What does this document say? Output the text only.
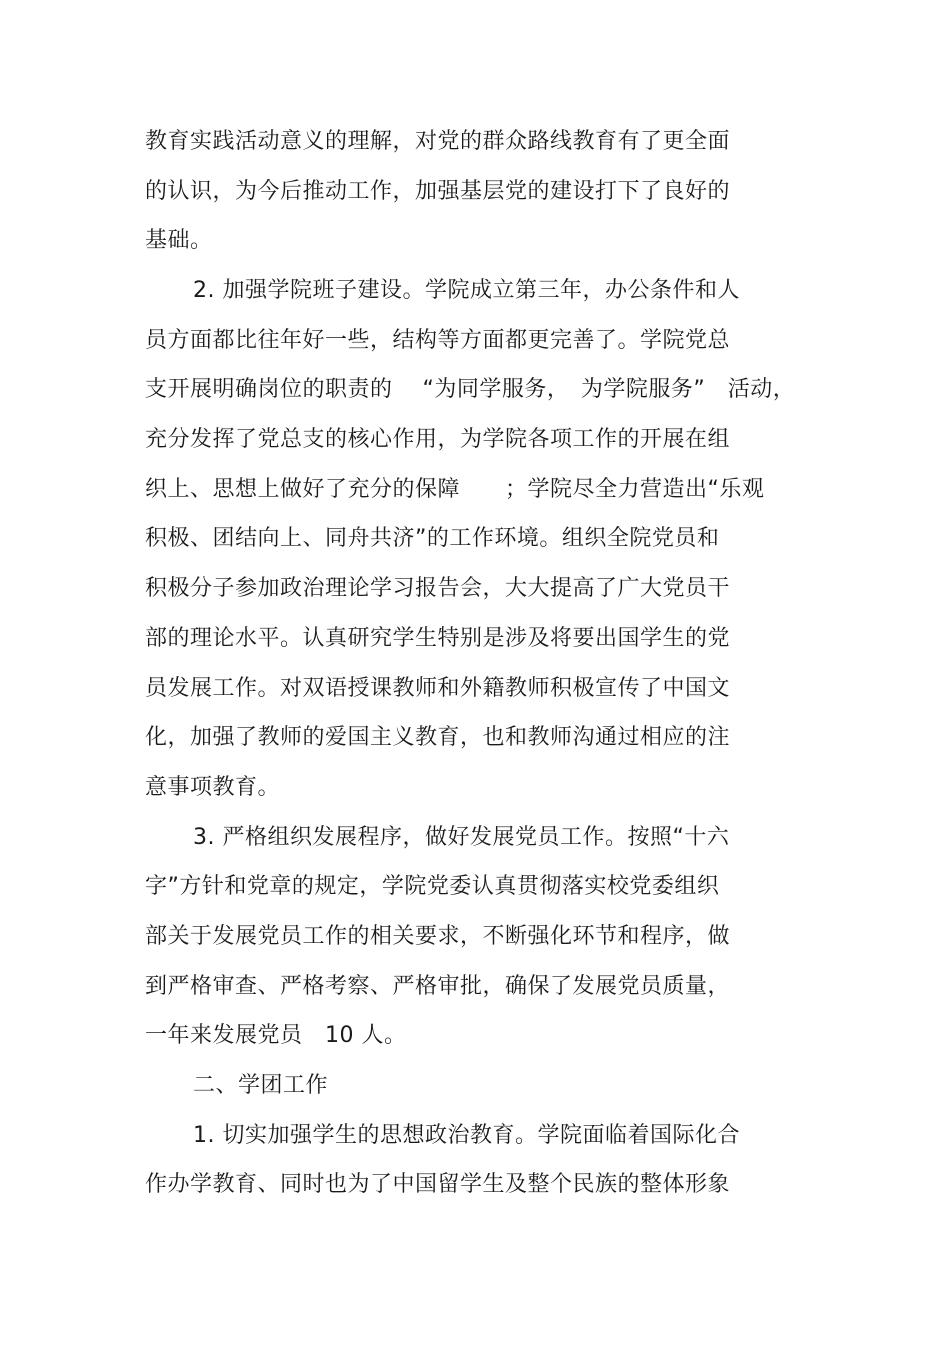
教育实践活动意义的理解，对党的群众路线教育有了更全面
的认识，为今后推动工作，加强基层党的建设打下了良好的
基础。
2. 加强学院班子建设。学院成立第三年，办公条件和人
员方面都比往年好一些，结构等方面都更完善了。学院党总
支开展明确岗位的职责的　 “为同学服务，　为学院服务”　活动，
充分发挥了党总支的核心作用，为学院各项工作的开展在组
织上、思想上做好了充分的保障　　；学院尽全力营造出“乐观
积极、团结向上、同舟共济”的工作环境。组织全院党员和
积极分子参加政治理论学习报告会，大大提高了广大党员干
部的理论水平。认真研究学生特别是涉及将要出国学生的党
员发展工作。对双语授课教师和外籍教师积极宣传了中国文
化，加强了教师的爱国主义教育，也和教师沟通过相应的注
意事项教育。
3. 严格组织发展程序，做好发展党员工作。按照“十六
字”方针和党章的规定，学院党委认真贯彻落实校党委组织
部关于发展党员工作的相关要求，不断强化环节和程序，做
到严格审查、严格考察、严格审批，确保了发展党员质量，
一年来发展党员　10 人。
二、学团工作
1. 切实加强学生的思想政治教育。学院面临着国际化合
作办学教育、同时也为了中国留学生及整个民族的整体形象
